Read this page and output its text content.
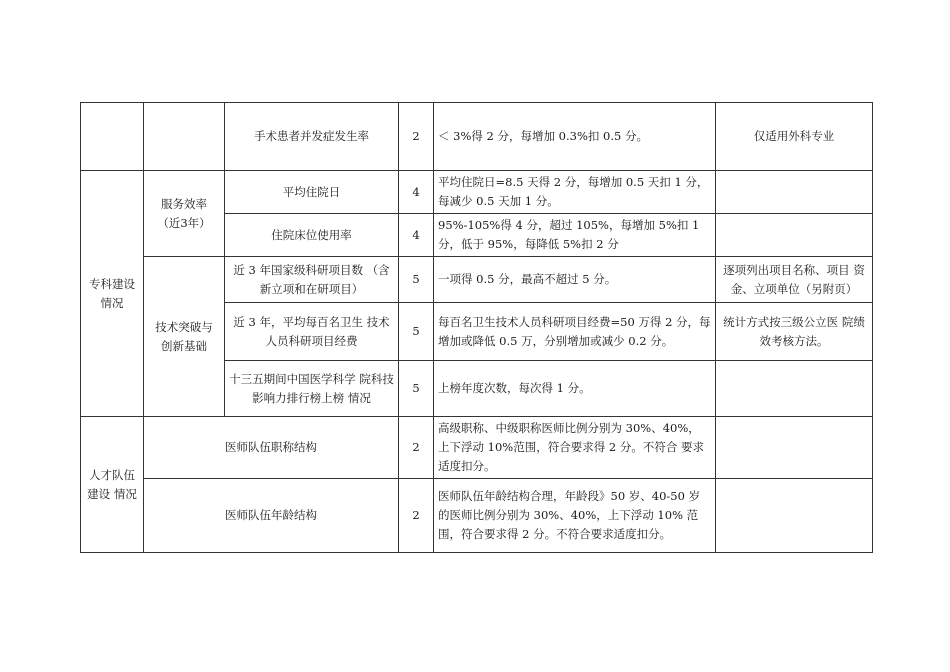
		手术患者并发症发生率	2	＜ 3%得 2 分，每增加 0.3%扣 0.5 分。	仅适用外科专业
专科建设情况	服务效率 （近3年）	平均住院日	4	平均住院日=8.5 天得 2 分，每增加 0.5 天扣 1 分，每减少 0.5 天加 1 分。	
		住院床位使用率	4	95%-105%得 4 分，超过 105%，每增加 5%扣 1 分，低于 95%，每降低 5%扣 2 分	
	技术突破与 创新基础	近 3 年国家级科研项目数 （含新立项和在研项目）	5	一项得 0.5 分，最高不超过 5 分。	逐项列出项目名称、项目 资金、立项单位（另附页）
		近 3 年，平均每百名卫生 技术人员科研项目经费	5	每百名卫生技术人员科研项目经费=50 万得 2 分，每增加或降低 0.5 万，分别增加或减少 0.2 分。	统计方式按三级公立医 院绩效考核方法。
		十三五期间中国医学科学 院科技影响力排行榜上榜 情况	5	上榜年度次数，每次得 1 分。	
人才队伍建设 情况	医师队伍职称结构		2	高级职称、中级职称医师比例分别为 30%、40%， 上下浮动 10%范围，符合要求得 2 分。不符合 要求适度扣分。	
	医师队伍年龄结构		2	医师队伍年龄结构合理，年龄段》50 岁、40-50 岁的医师比例分别为 30%、40%，上下浮动 10% 范围，符合要求得 2 分。不符合要求适度扣分。	
